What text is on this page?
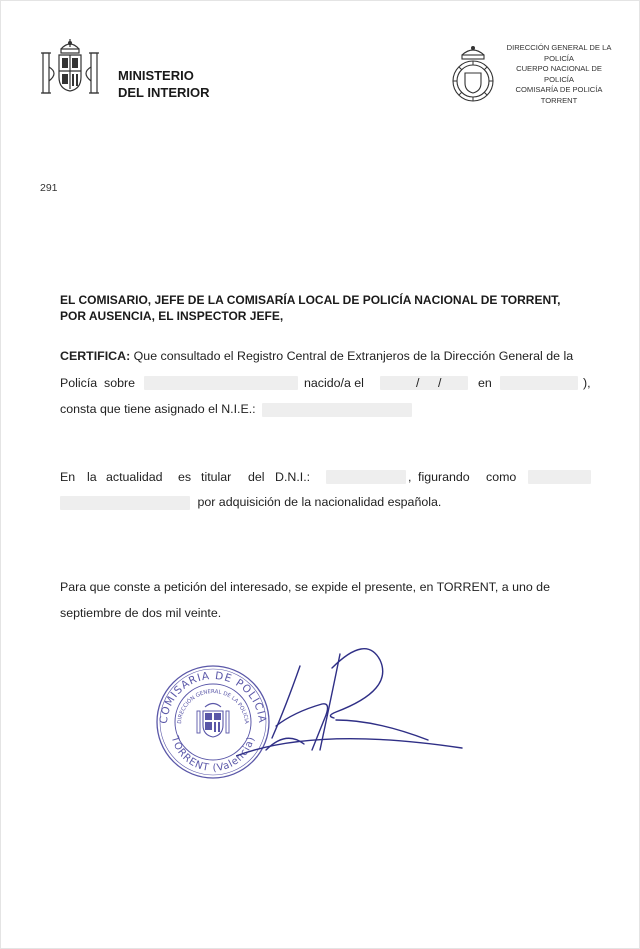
MINISTERIO
DEL INTERIOR
DIRECCIÓN GENERAL DE LA
POLICÍA
CUERPO NACIONAL DE
POLICÍA
COMISARÍA DE POLICÍA
TORRENT
291
EL COMISARIO, JEFE DE LA COMISARÍA LOCAL DE POLICÍA NACIONAL DE TORRENT,
POR AUSENCIA, EL INSPECTOR JEFE,
CERTIFICA: Que consultado el Registro Central de Extranjeros de la Dirección General de la
Policía sobre	nacido/a el	/ /	en	),
consta que tiene asignado el N.I.E.:
En la actualidad es titular del D.N.I.:	, figurando como
por adquisición de la nacionalidad española.
Para que conste a petición del interesado, se expide el presente, en TORRENT, a uno de
septiembre de dos mil veinte.
COMISARIA DE POLICIA
DIRECCIÓN GENERAL DE LA POLICIA
TORRENT (Valencia)
